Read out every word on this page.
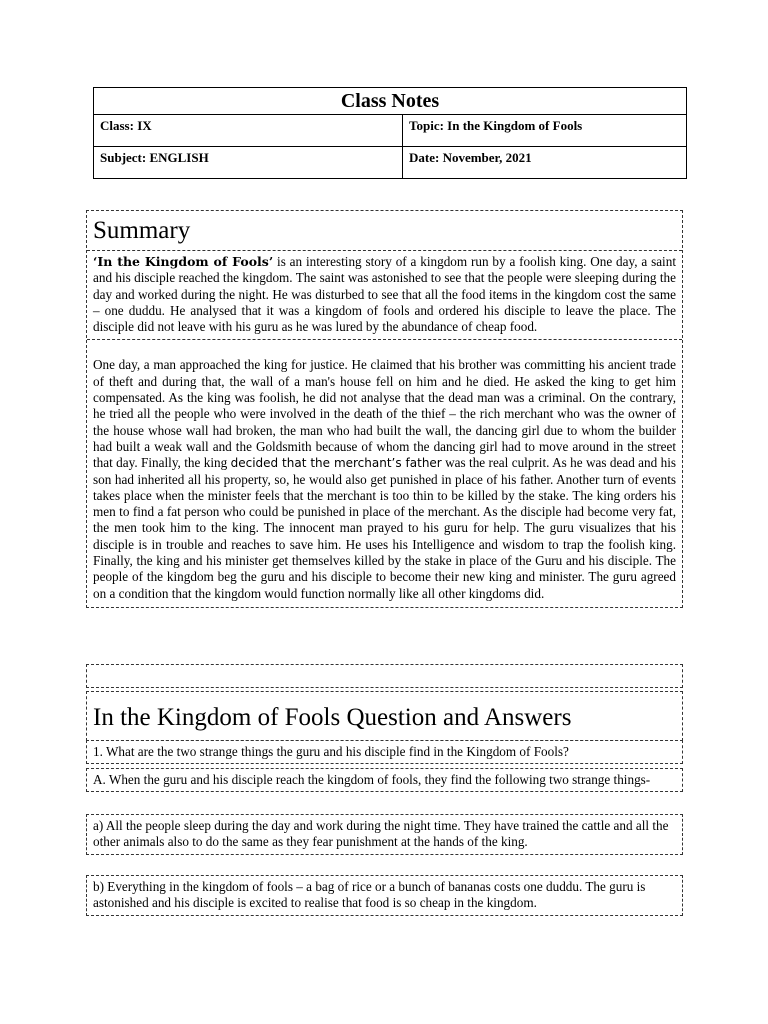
Class Notes
Class: IX	Topic: In the Kingdom of Fools
Subject: ENGLISH	Date: November, 2021
Summary
‘In the Kingdom of Fools’ is an interesting story of a kingdom run by a foolish king. One day, a saint and his disciple reached the kingdom. The saint was astonished to see that the people were sleeping during the day and worked during the night. He was disturbed to see that all the food items in the kingdom cost the same – one duddu. He analysed that it was a kingdom of fools and ordered his disciple to leave the place. The disciple did not leave with his guru as he was lured by the abundance of cheap food.
One day, a man approached the king for justice. He claimed that his brother was committing his ancient trade of theft and during that, the wall of a man's house fell on him and he died. He asked the king to get him compensated. As the king was foolish, he did not analyse that the dead man was a criminal. On the contrary, he tried all the people who were involved in the death of the thief – the rich merchant who was the owner of the house whose wall had broken, the man who had built the wall, the dancing girl due to whom the builder had built a weak wall and the Goldsmith because of whom the dancing girl had to move around in the street that day. Finally, the king decided that the merchant’s father was the real culprit. As he was dead and his son had inherited all his property, so, he would also get punished in place of his father. Another turn of events takes place when the minister feels that the merchant is too thin to be killed by the stake. The king orders his men to find a fat person who could be punished in place of the merchant. As the disciple had become very fat, the men took him to the king. The innocent man prayed to his guru for help. The guru visualizes that his disciple is in trouble and reaches to save him. He uses his Intelligence and wisdom to trap the foolish king. Finally, the king and his minister get themselves killed by the stake in place of the Guru and his disciple. The people of the kingdom beg the guru and his disciple to become their new king and minister. The guru agreed on a condition that the kingdom would function normally like all other kingdoms did.
In the Kingdom of Fools Question and Answers
1. What are the two strange things the guru and his disciple find in the Kingdom of Fools?
A. When the guru and his disciple reach the kingdom of fools, they find the following two strange things-
a) All the people sleep during the day and work during the night time. They have trained the cattle and all the other animals also to do the same as they fear punishment at the hands of the king.
b) Everything in the kingdom of fools – a bag of rice or a bunch of bananas costs one duddu. The guru is astonished and his disciple is excited to realise that food is so cheap in the kingdom.
